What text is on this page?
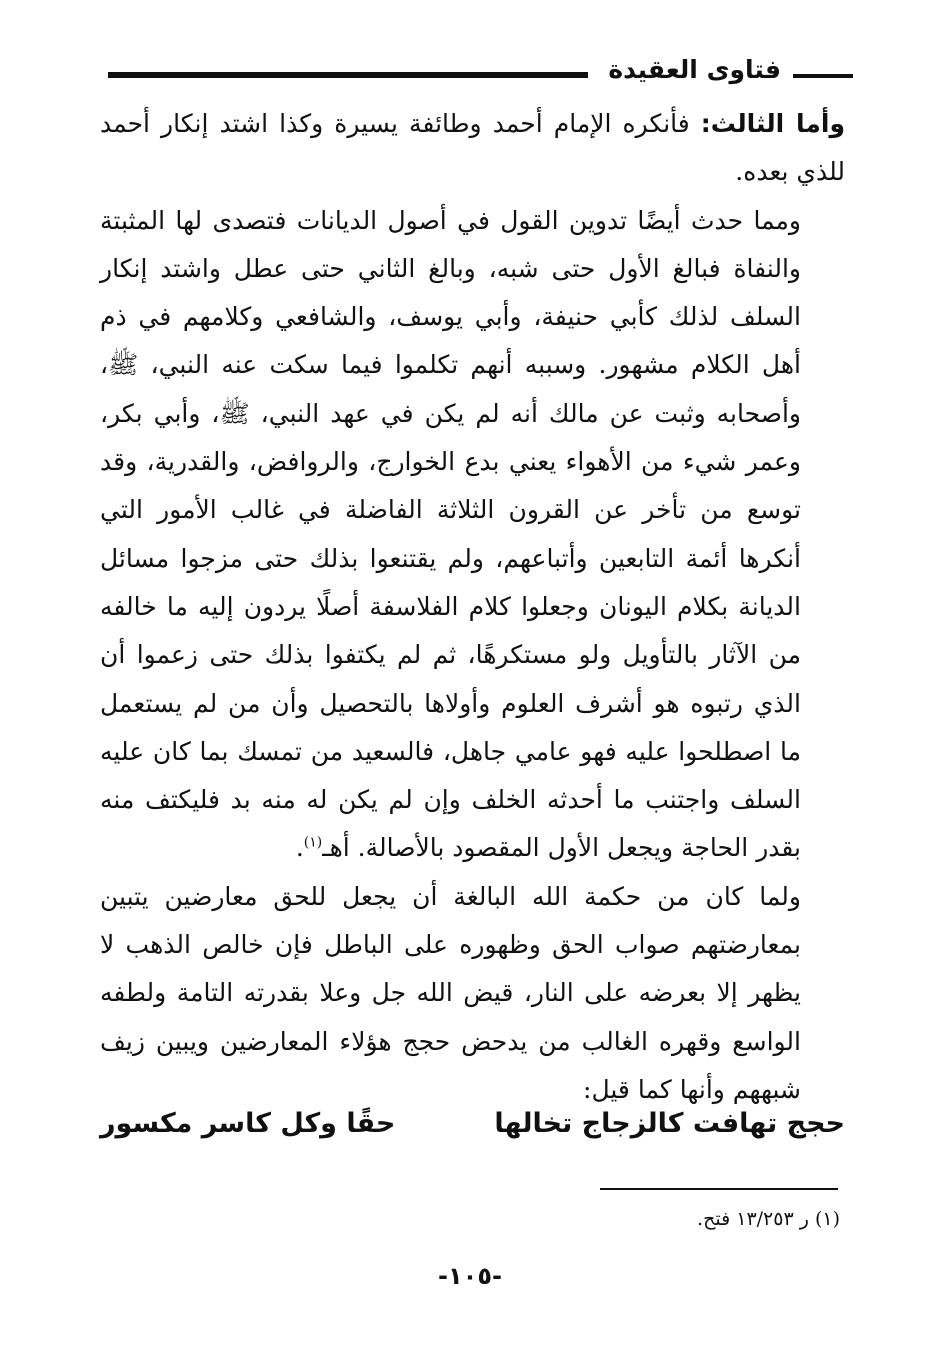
فتاوى العقيدة

وأما الثالث: فأنكره الإمام أحمد وطائفة يسيرة وكذا اشتد إنكار أحمد للذي بعده.

ومما حدث أيضًا تدوين القول في أصول الديانات فتصدى لها المثبتة والنفاة فبالغ الأول حتى شبه، وبالغ الثاني حتى عطل واشتد إنكار السلف لذلك كأبي حنيفة، وأبي يوسف، والشافعي وكلامهم في ذم أهل الكلام مشهور. وسببه أنهم تكلموا فيما سكت عنه النبي، ﷺ، وأصحابه وثبت عن مالك أنه لم يكن في عهد النبي، ﷺ، وأبي بكر، وعمر شيء من الأهواء يعني بدع الخوارج، والروافض، والقدرية، وقد توسع من تأخر عن القرون الثلاثة الفاضلة في غالب الأمور التي أنكرها أئمة التابعين وأتباعهم، ولم يقتنعوا بذلك حتى مزجوا مسائل الديانة بكلام اليونان وجعلوا كلام الفلاسفة أصلًا يردون إليه ما خالفه من الآثار بالتأويل ولو مستكرهًا، ثم لم يكتفوا بذلك حتى زعموا أن الذي رتبوه هو أشرف العلوم وأولاها بالتحصيل وأن من لم يستعمل ما اصطلحوا عليه فهو عامي جاهل، فالسعيد من تمسك بما كان عليه السلف واجتنب ما أحدثه الخلف وإن لم يكن له منه بد فليكتف منه بقدر الحاجة ويجعل الأول المقصود بالأصالة. أهـ$^{(١)}$.

ولما كان من حكمة الله البالغة أن يجعل للحق معارضين يتبين بمعارضتهم صواب الحق وظهوره على الباطل فإن خالص الذهب لا يظهر إلا بعرضه على النار، قيض الله جل وعلا بقدرته التامة ولطفه الواسع وقهره الغالب من يدحض حجج هؤلاء المعارضين ويبين زيف شبههم وأنها كما قيل:

حجج تهافت كالزجاج تخالها
حقًا وكل كاسر مكسور
(١) ر ١٣/٢٥٣ فتح.
-١٠٥-
